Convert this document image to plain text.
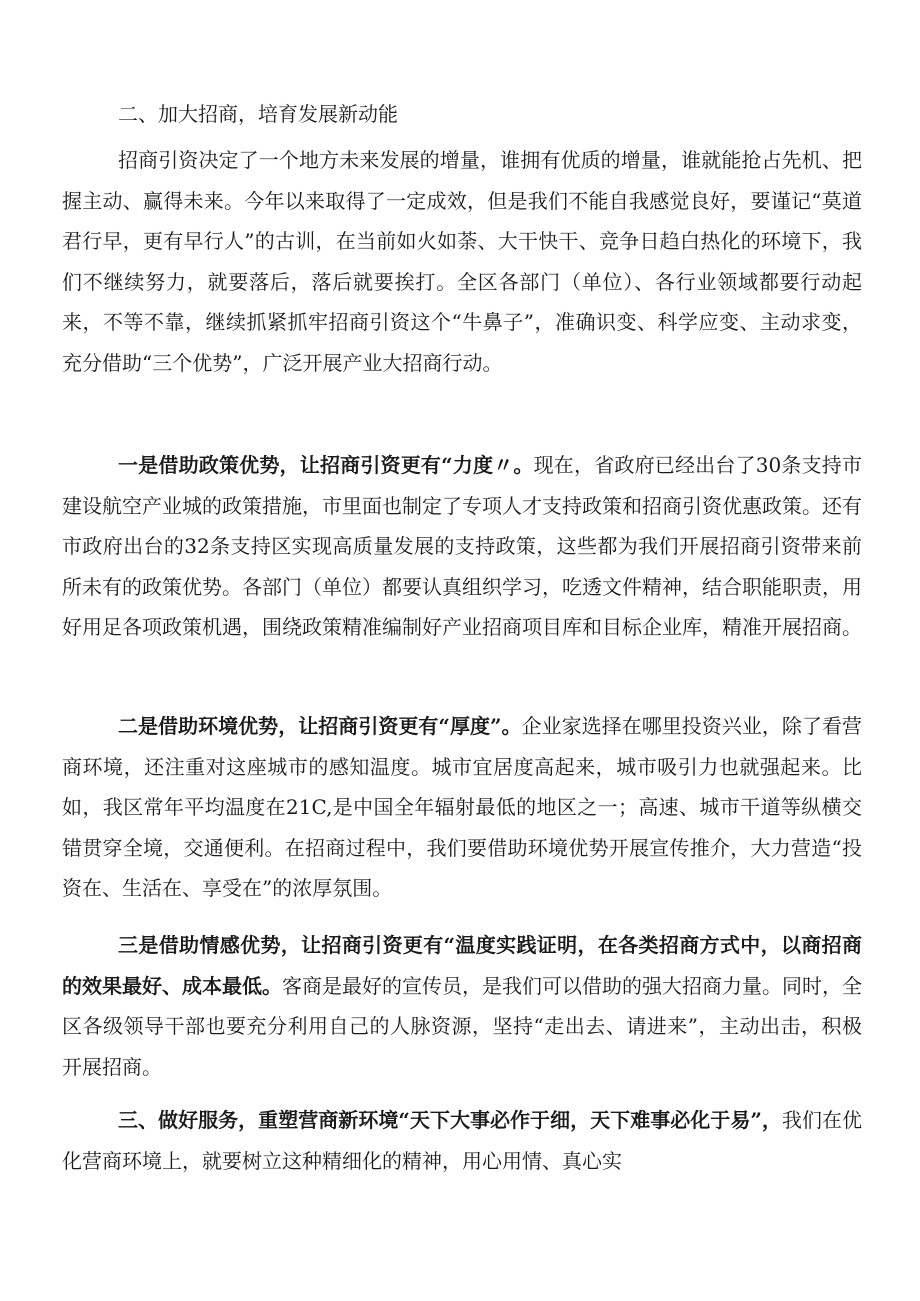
二、加大招商，培育发展新动能

招商引资决定了一个地方未来发展的增量，谁拥有优质的增量，谁就能抢占先机、把握主动、赢得未来。今年以来取得了一定成效，但是我们不能自我感觉良好，要谨记“莫道君行早，更有早行人”的古训，在当前如火如荼、大干快干、竞争日趋白热化的环境下，我们不继续努力，就要落后，落后就要挨打。全区各部门（单位）、各行业领域都要行动起来，不等不靠，继续抓紧抓牢招商引资这个“牛鼻子”，准确识变、科学应变、主动求变，充分借助“三个优势”，广泛开展产业大招商行动。

一是借助政策优势，让招商引资更有“力度〃。现在，省政府已经出台了30条支持市建设航空产业城的政策措施，市里面也制定了专项人才支持政策和招商引资优惠政策。还有市政府出台的32条支持区实现高质量发展的支持政策，这些都为我们开展招商引资带来前所未有的政策优势。各部门（单位）都要认真组织学习，吃透文件精神，结合职能职责，用好用足各项政策机遇，围绕政策精准编制好产业招商项目库和目标企业库，精准开展招商。

二是借助环境优势，让招商引资更有“厚度”。企业家选择在哪里投资兴业，除了看营商环境，还注重对这座城市的感知温度。城市宜居度高起来，城市吸引力也就强起来。比如，我区常年平均温度在21C,是中国全年辐射最低的地区之一；高速、城市干道等纵横交错贯穿全境，交通便利。在招商过程中，我们要借助环境优势开展宣传推介，大力营造“投资在、生活在、享受在”的浓厚氛围。

三是借助情感优势，让招商引资更有“温度实践证明，在各类招商方式中，以商招商的效果最好、成本最低。客商是最好的宣传员，是我们可以借助的强大招商力量。同时，全区各级领导干部也要充分利用自己的人脉资源，坚持“走出去、请进来”，主动出击，积极开展招商。

三、做好服务，重塑营商新环境“天下大事必作于细，天下难事必化于易”，我们在优化营商环境上，就要树立这种精细化的精神，用心用情、真心实
